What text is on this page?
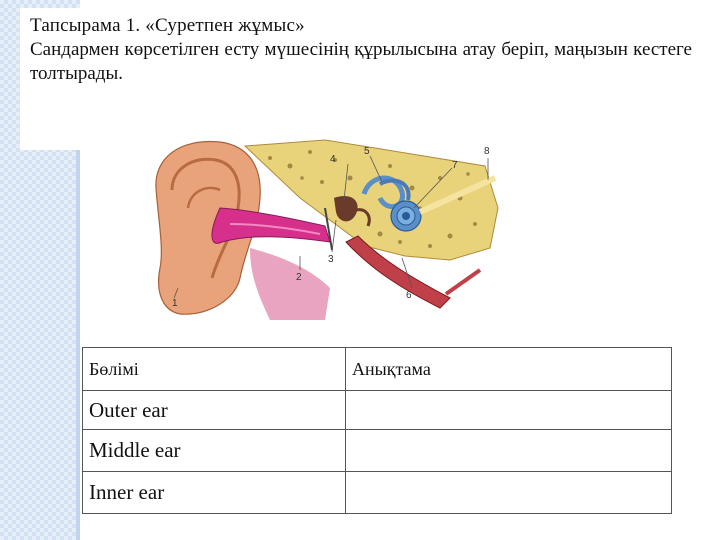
Тапсырама 1. «Суретпен жұмыс»

Сандармен көрсетілген есту мүшесінің құрылысына атау беріп, маңызын кестеге толтырады.

1
2
3
4
5
6
7
8
Бөлімі	Анықтама
Outer ear	
Middle ear	
Inner ear	
